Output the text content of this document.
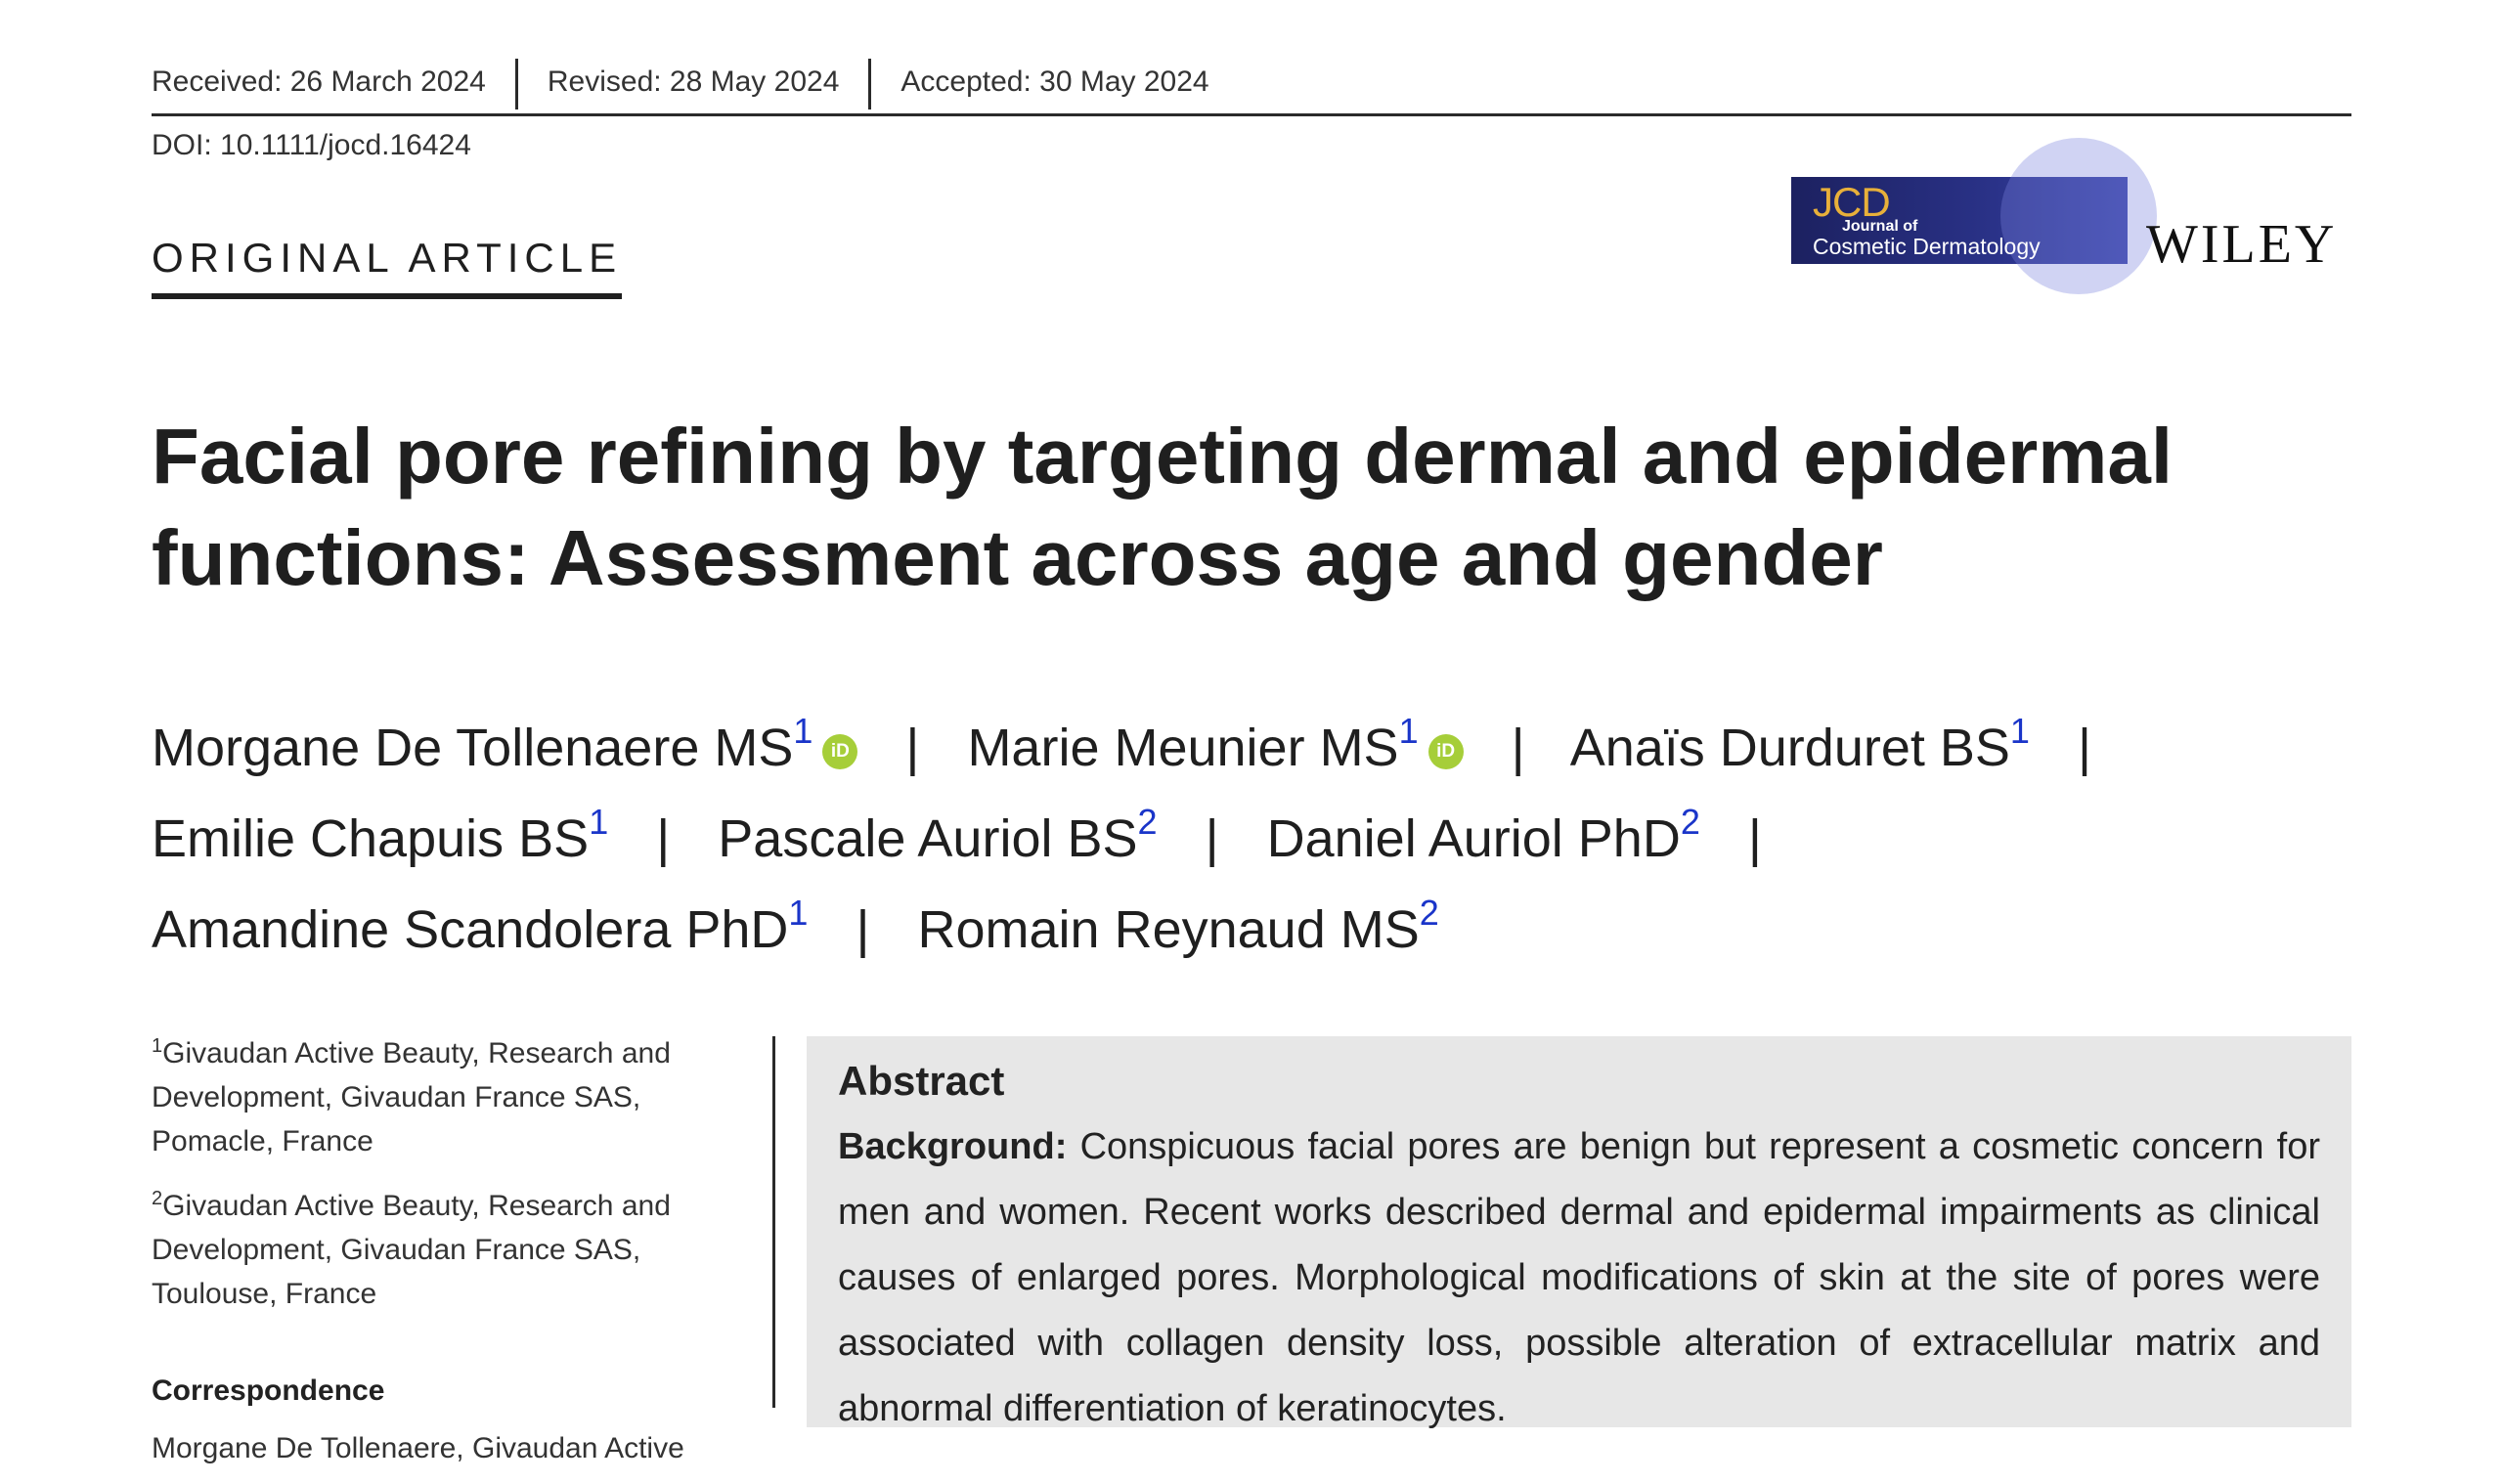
Received: 26 March 2024	Revised: 28 May 2024	Accepted: 30 May 2024
DOI: 10.1111/jocd.16424
ORIGINAL ARTICLE
JCD
Journal of
Cosmetic Dermatology WILEY
Facial pore refining by targeting dermal and epidermal
functions: Assessment across age and gender
Morgane De Tollenaere $MS^1iD$ | Marie Meunier $MS^1iD$ | Anaïs Durduret $BS^1$ |
Emilie Chapuis $BS^1$ | Pascale Auriol $BS^2$ | Daniel Auriol PhD$^2$ |
Amandine Scandolera PhD$^1$ | Romain Reynaud $MS^2$

$^1$Givaudan Active Beauty, Research and Development, Givaudan France SAS, Pomacle, France

$^2$Givaudan Active Beauty, Research and Development, Givaudan France SAS, Toulouse, France

Correspondence

Morgane De Tollenaere, Givaudan Active

Abstract
Background: Conspicuous facial pores are benign but represent a cosmetic concern for men and women. Recent works described dermal and epidermal impairments as clinical causes of enlarged pores. Morphological modifications of skin at the site of pores were associated with collagen density loss, possible alteration of extracellular matrix and abnormal differentiation of keratinocytes.
